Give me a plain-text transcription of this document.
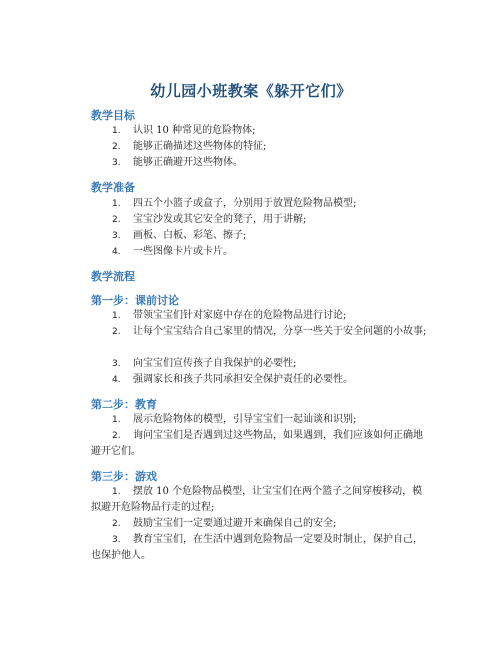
幼儿园小班教案《躲开它们》
教学目标
1.	认识 10 种常见的危险物体;
2.	能够正确描述这些物体的特征;
3.	能够正确避开这些物体。
教学准备
1.	四五个小篮子或盒子，分别用于放置危险物品模型;
2.	宝宝沙发或其它安全的凳子，用于讲解;
3.	画板、白板、彩笔、擦子;
4.	一些图像卡片或卡片。
教学流程
第一步：课前讨论
1.	带领宝宝们针对家庭中存在的危险物品进行讨论;
2.	让每个宝宝结合自己家里的情况，分享一些关于安全问题的小故事;
3.	向宝宝们宣传孩子自我保护的必要性;
4.	强调家长和孩子共同承担安全保护责任的必要性。
第二步：教育
1.	展示危险物体的模型，引导宝宝们一起讪谈和识别;
2.	询问宝宝们是否遇到过这些物品，如果遇到，我们应该如何正确地避开它们。
第三步：游戏
1.	摆放 10 个危险物品模型，让宝宝们在两个篮子之间穿梭移动，模拟避开危险物品行走的过程;
2.	鼓励宝宝们一定要通过避开来确保自己的安全;
3.	教育宝宝们，在生活中遇到危险物品一定要及时制止，保护自己，也保护他人。
